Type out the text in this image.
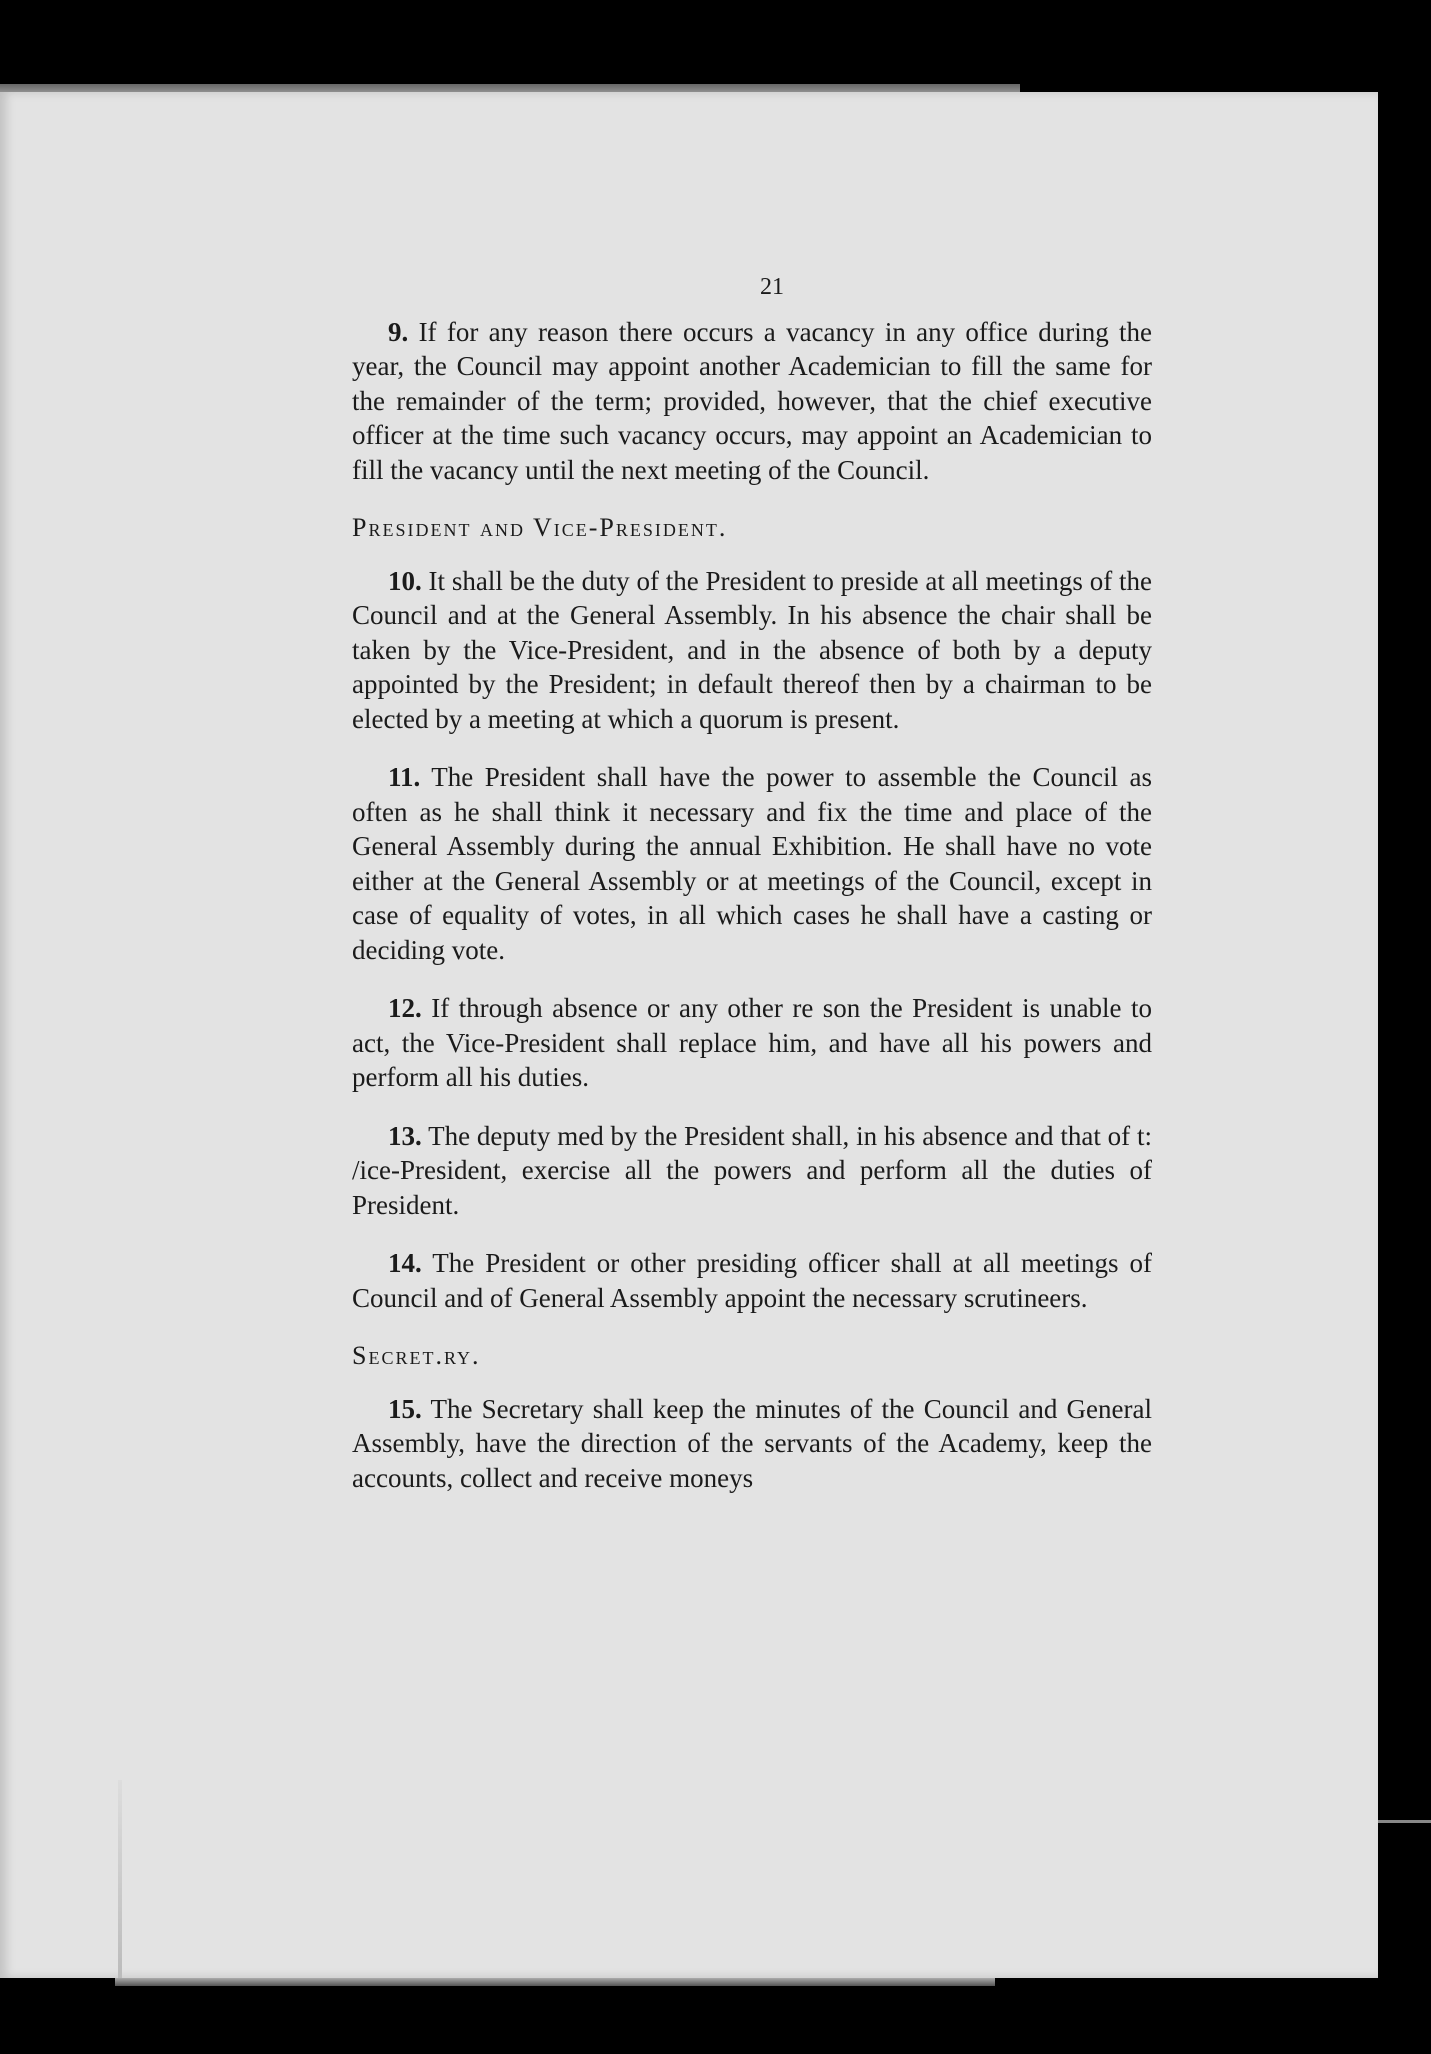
21

9. If for any reason there occurs a vacancy in any office during the year, the Council may appoint another Academician to fill the same for the remainder of the term; provided, however, that the chief executive officer at the time such vacancy occurs, may appoint an Academician to fill the vacancy until the next meeting of the Council.

President and Vice-President.

10. It shall be the duty of the President to preside at all meetings of the Council and at the General Assembly. In his absence the chair shall be taken by the Vice-President, and in the absence of both by a deputy appointed by the President; in default thereof then by a chairman to be elected by a meeting at which a quorum is present.

11. The President shall have the power to assemble the Council as often as he shall think it necessary and fix the time and place of the General Assembly during the annual Exhibition. He shall have no vote either at the General Assembly or at meetings of the Council, except in case of equality of votes, in all which cases he shall have a casting or deciding vote.

12. If through absence or any other re son the President is unable to act, the Vice-President shall replace him, and have all his powers and perform all his duties.

13. The deputy med by the President shall, in his absence and that of t: /ice-President, exercise all the powers and perform all the duties of President.

14. The President or other presiding officer shall at all meetings of Council and of General Assembly appoint the necessary scrutineers.

Secret.ry.

15. The Secretary shall keep the minutes of the Council and General Assembly, have the direction of the servants of the Academy, keep the accounts, collect and receive moneys
